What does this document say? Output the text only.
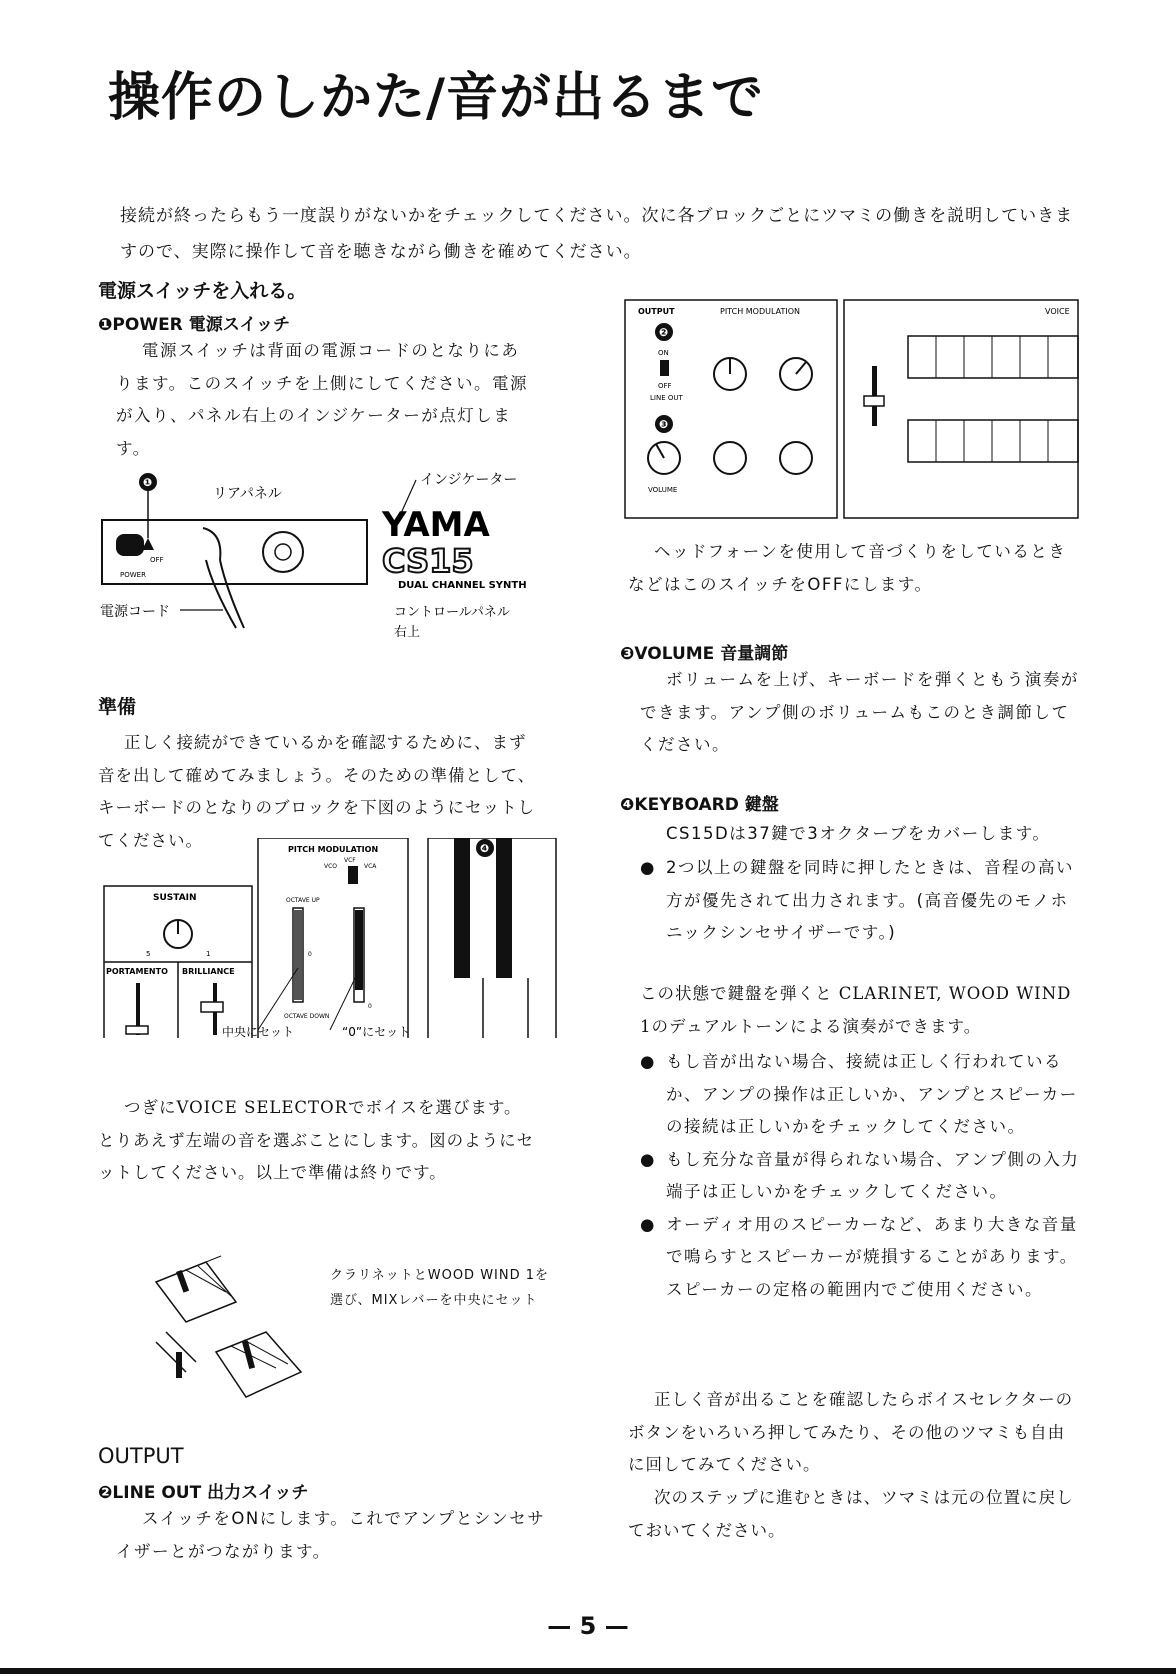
操作のしかた/音が出るまで
接続が終ったらもう一度誤りがないかをチェックしてください。次に各ブロックごとにツマミの働きを説明していきますので、実際に操作して音を聴きながら働きを確めてください。
電源スイッチを入れる。
❶POWER 電源スイッチ
電源スイッチは背面の電源コードのとなりにあります。このスイッチを上側にしてください。電源が入り、パネル右上のインジケーターが点灯します。
❶
リアパネル
インジケーター
POWER
OFF
YAMA
CS15
DUAL CHANNEL SYNTH
電源コード	コントロールパネル
右上
準備
正しく接続ができているかを確認するために、まず音を出して確めてみましょう。そのための準備として、キーボードのとなりのブロックを下図のようにセットしてください。	❹
SUSTAIN
5	1
PORTAMENTO BRILLIANCE
PITCH MODULATION
VCF
VCO	VCA
OCTAVE UP
0
OCTAVE DOWN
0
中央にセット	“0”にセット
つぎにVOICE SELECTORでボイスを選びます。とりあえず左端の音を選ぶことにします。図のようにセットしてください。以上で準備は終りです。
クラリネットとWOOD WIND 1を選び、MIXレバーを中央にセット
OUTPUT
❷LINE OUT 出力スイッチ
スイッチをONにします。これでアンプとシンセサイザーとがつながります。
OUTPUT	PITCH MODULATION	VOICE
❷
ON
OFF
LINE OUT
❸
VOLUME
ヘッドフォーンを使用して音づくりをしているときなどはこのスイッチをOFFにします。
❸VOLUME 音量調節
ボリュームを上げ、キーボードを弾くともう演奏ができます。アンプ側のボリュームもこのとき調節してください。
❹KEYBOARD 鍵盤
CS15Dは37鍵で3オクターブをカバーします。
● 2つ以上の鍵盤を同時に押したときは、音程の高い方が優先されて出力されます。(高音優先のモノホニックシンセサイザーです。)
この状態で鍵盤を弾くと CLARINET, WOOD WIND 1のデュアルトーンによる演奏ができます。
● もし音が出ない場合、接続は正しく行われているか、アンプの操作は正しいか、アンプとスピーカーの接続は正しいかをチェックしてください。
● もし充分な音量が得られない場合、アンプ側の入力端子は正しいかをチェックしてください。
● オーディオ用のスピーカーなど、あまり大きな音量で鳴らすとスピーカーが焼損することがあります。スピーカーの定格の範囲内でご使用ください。
正しく音が出ることを確認したらボイスセレクターのボタンをいろいろ押してみたり、その他のツマミも自由に回してみてください。
次のステップに進むときは、ツマミは元の位置に戻しておいてください。
— 5 —
